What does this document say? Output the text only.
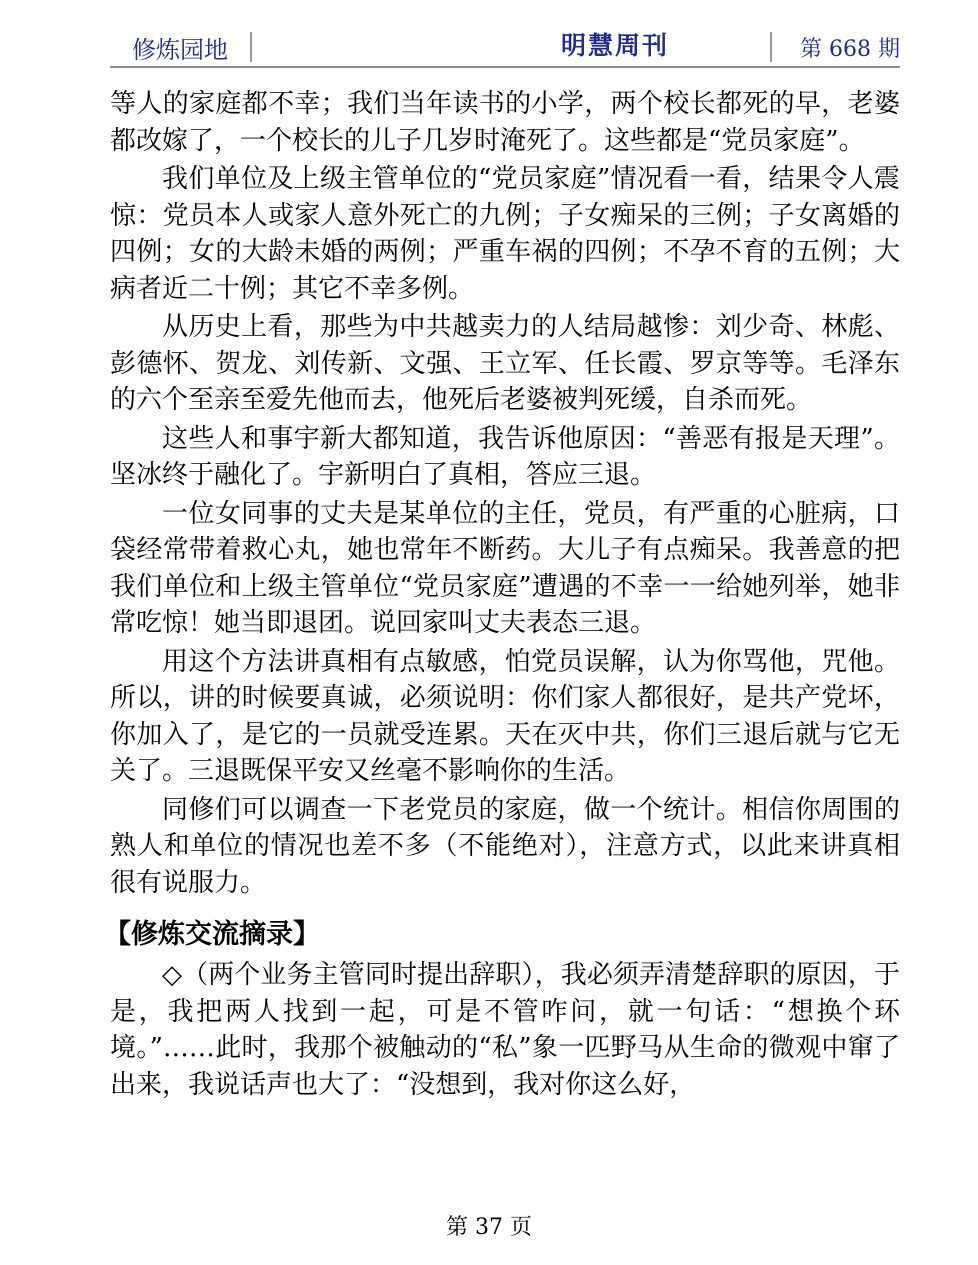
修炼园地	明慧周刊	第 668 期

等人的家庭都不幸；我们当年读书的小学，两个校长都死的早，老婆都改嫁了，一个校长的儿子几岁时淹死了。这些都是“党员家庭”。

我们单位及上级主管单位的“党员家庭”情况看一看，结果令人震惊：党员本人或家人意外死亡的九例；子女痴呆的三例；子女离婚的四例；女的大龄未婚的两例；严重车祸的四例；不孕不育的五例；大病者近二十例；其它不幸多例。

从历史上看，那些为中共越卖力的人结局越惨：刘少奇、林彪、彭德怀、贺龙、刘传新、文强、王立军、任长霞、罗京等等。毛泽东的六个至亲至爱先他而去，他死后老婆被判死缓，自杀而死。

这些人和事宇新大都知道，我告诉他原因：“善恶有报是天理”。坚冰终于融化了。宇新明白了真相，答应三退。

一位女同事的丈夫是某单位的主任，党员，有严重的心脏病，口袋经常带着救心丸，她也常年不断药。大儿子有点痴呆。我善意的把我们单位和上级主管单位“党员家庭”遭遇的不幸一一给她列举，她非常吃惊！她当即退团。说回家叫丈夫表态三退。

用这个方法讲真相有点敏感，怕党员误解，认为你骂他，咒他。所以，讲的时候要真诚，必须说明：你们家人都很好，是共产党坏，你加入了，是它的一员就受连累。天在灭中共，你们三退后就与它无关了。三退既保平安又丝毫不影响你的生活。

同修们可以调查一下老党员的家庭，做一个统计。相信你周围的熟人和单位的情况也差不多（不能绝对），注意方式，以此来讲真相很有说服力。

【修炼交流摘录】

◇（两个业务主管同时提出辞职），我必须弄清楚辞职的原因，于是，我把两人找到一起，可是不管咋问，就一句话：“想换个环境。”……此时，我那个被触动的“私”象一匹野马从生命的微观中窜了出来，我说话声也大了：“没想到，我对你这么好，

第 37 页
